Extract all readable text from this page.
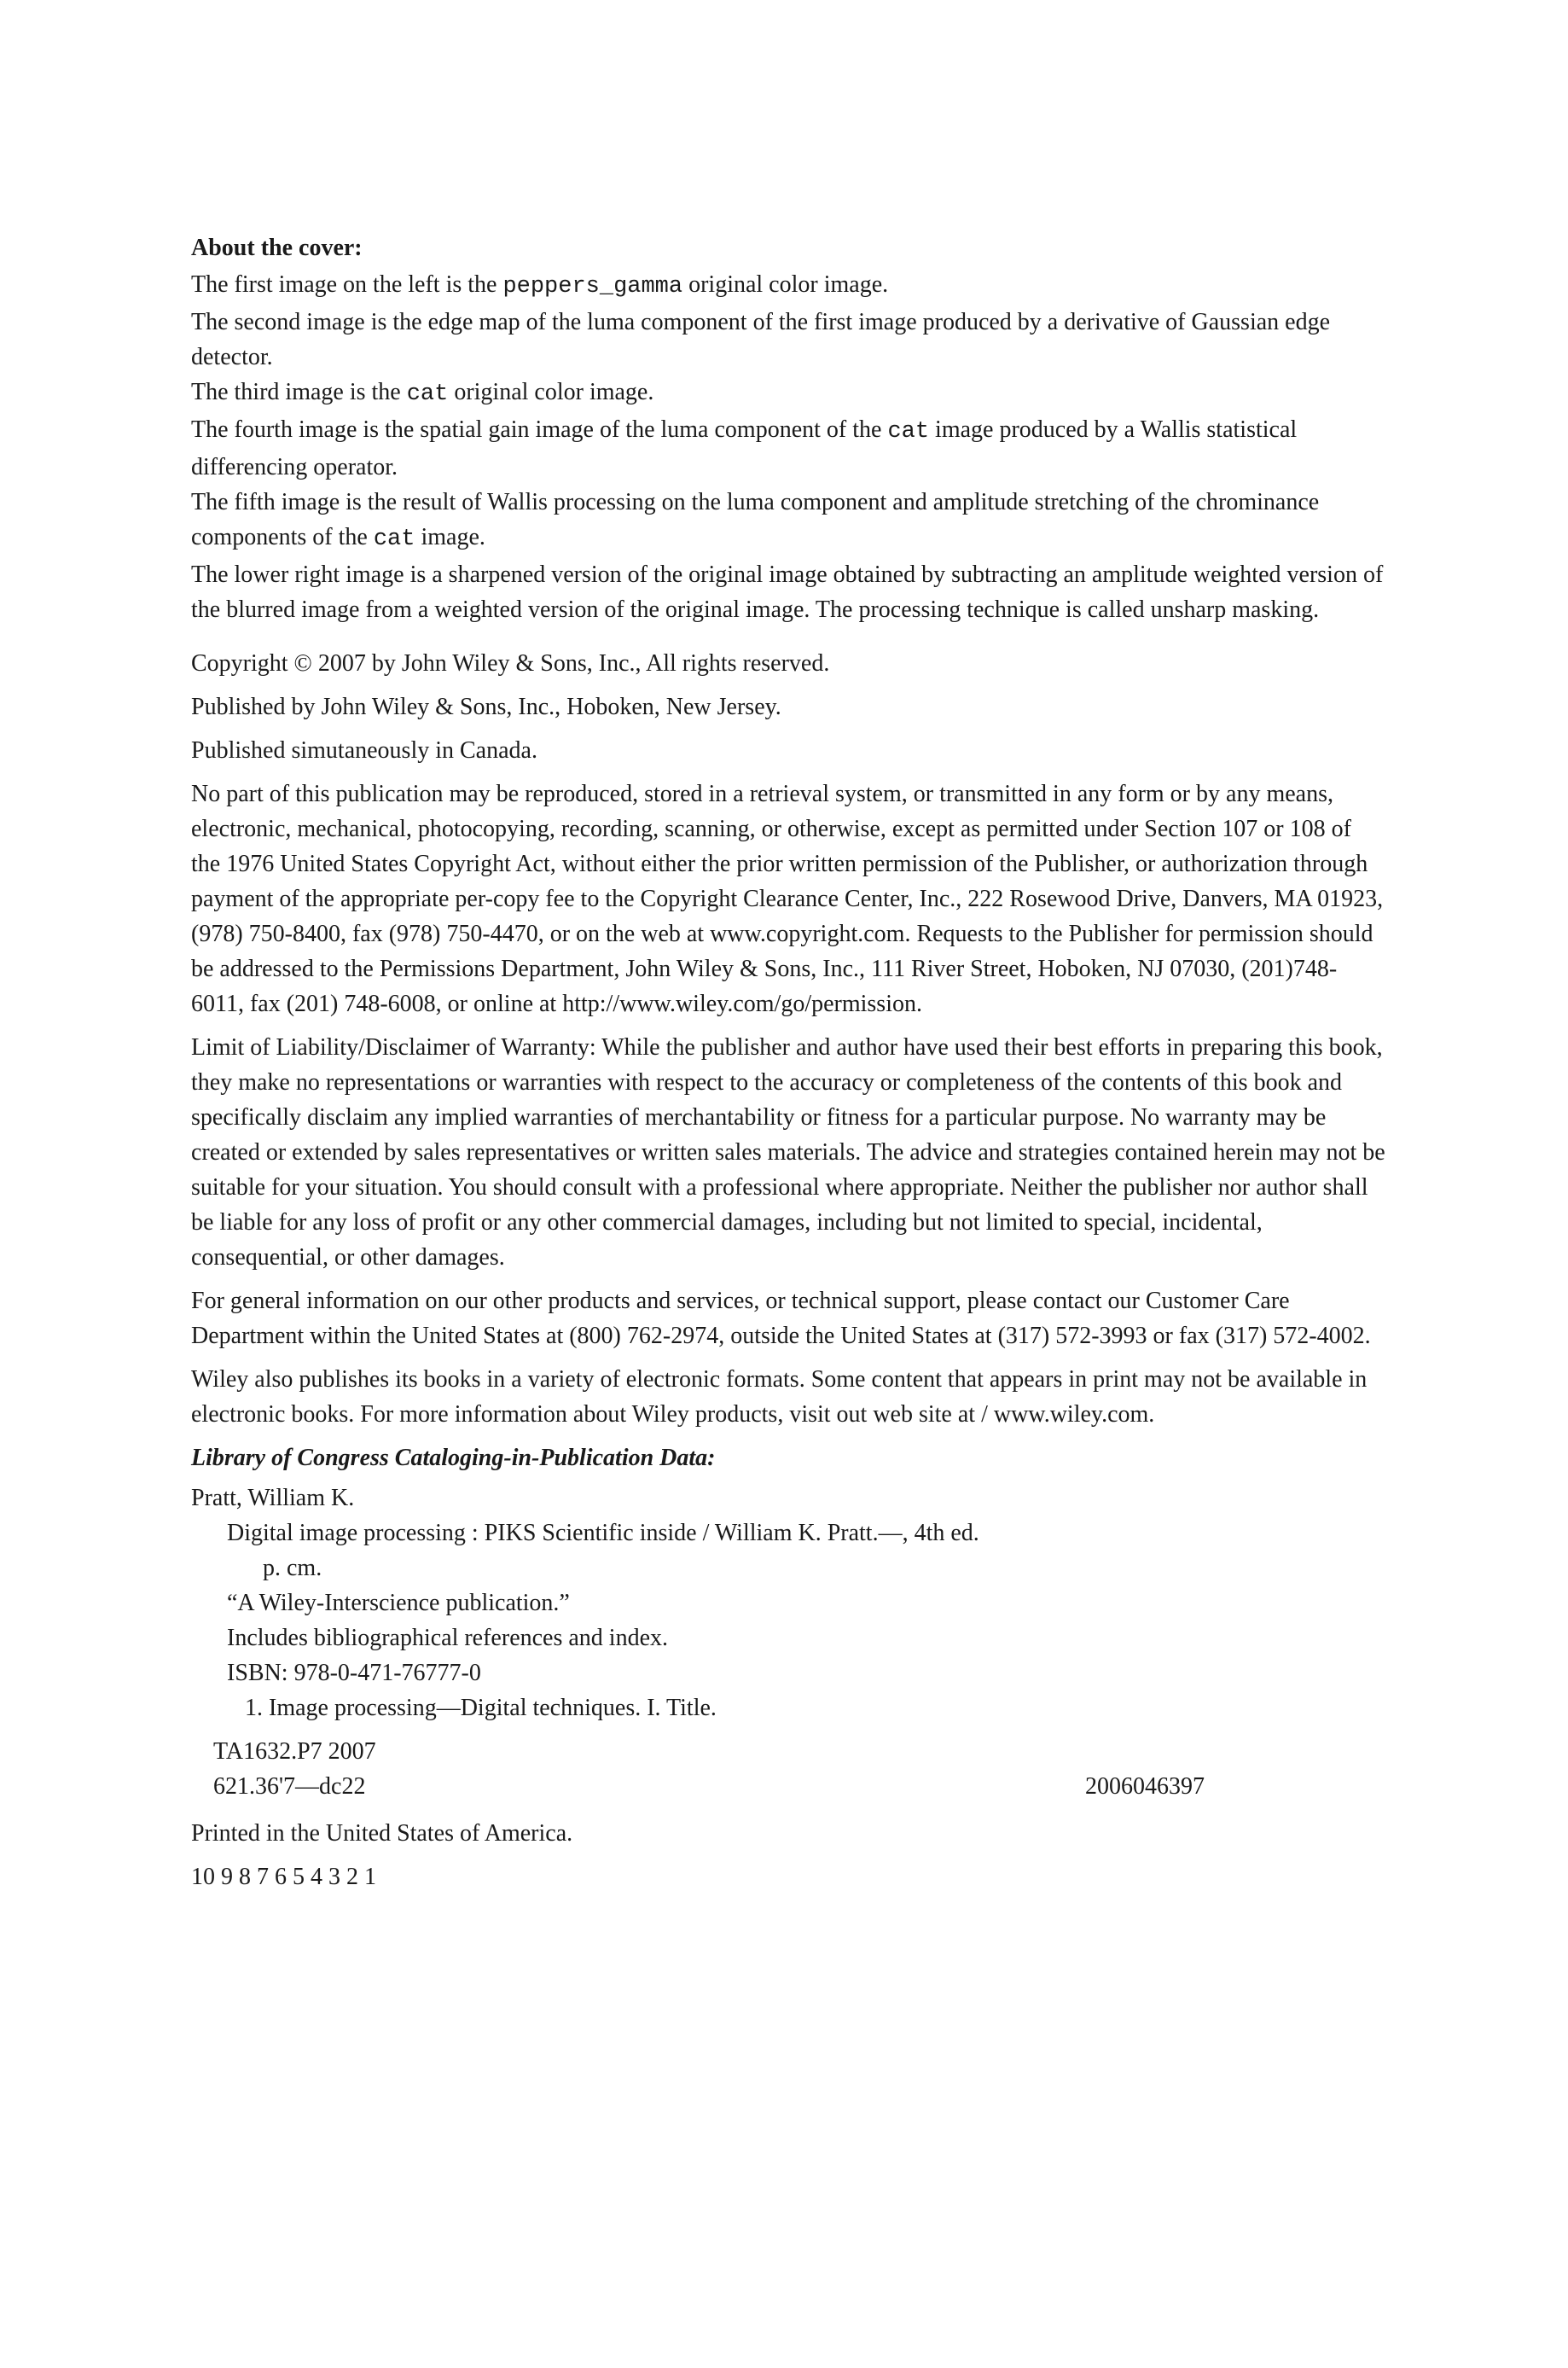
About the cover:

The first image on the left is the peppers_gamma original color image.

The second image is the edge map of the luma component of the first image produced by a derivative of Gaussian edge detector.

The third image is the cat original color image.

The fourth image is the spatial gain image of the luma component of the cat image produced by a Wallis statistical differencing operator.

The fifth image is the result of Wallis processing on the luma component and amplitude stretching of the chrominance components of the cat image.

The lower right image is a sharpened version of the original image obtained by subtracting an amplitude weighted version of the blurred image from a weighted version of the original image. The processing technique is called unsharp masking.

Copyright © 2007 by John Wiley & Sons, Inc., All rights reserved.

Published by John Wiley & Sons, Inc., Hoboken, New Jersey.

Published simutaneously in Canada.

No part of this publication may be reproduced, stored in a retrieval system, or transmitted in any form or by any means, electronic, mechanical, photocopying, recording, scanning, or otherwise, except as permitted under Section 107 or 108 of the 1976 United States Copyright Act, without either the prior written permission of the Publisher, or authorization through payment of the appropriate per-copy fee to the Copyright Clearance Center, Inc., 222 Rosewood Drive, Danvers, MA 01923, (978) 750-8400, fax (978) 750-4470, or on the web at www.copyright.com. Requests to the Publisher for permission should be addressed to the Permissions Department, John Wiley & Sons, Inc., 111 River Street, Hoboken, NJ 07030, (201)748-6011, fax (201) 748-6008, or online at http://www.wiley.com/go/permission.

Limit of Liability/Disclaimer of Warranty: While the publisher and author have used their best efforts in preparing this book, they make no representations or warranties with respect to the accuracy or completeness of the contents of this book and specifically disclaim any implied warranties of merchantability or fitness for a particular purpose. No warranty may be created or extended by sales representatives or written sales materials. The advice and strategies contained herein may not be suitable for your situation. You should consult with a professional where appropriate. Neither the publisher nor author shall be liable for any loss of profit or any other commercial damages, including but not limited to special, incidental, consequential, or other damages.

For general information on our other products and services, or technical support, please contact our Customer Care Department within the United States at (800) 762-2974, outside the United States at (317) 572-3993 or fax (317) 572-4002.

Wiley also publishes its books in a variety of electronic formats. Some content that appears in print may not be available in electronic books. For more information about Wiley products, visit out web site at / www.wiley.com.

Library of Congress Cataloging-in-Publication Data:

Pratt, William K.

Digital image processing : PIKS Scientific inside / William K. Pratt.—, 4th ed.

p. cm.

“A Wiley-Interscience publication.”

Includes bibliographical references and index.

ISBN: 978-0-471-76777-0

1. Image processing—Digital techniques. I. Title.

TA1632.P7 2007

621.36'7—dc22	2006046397

Printed in the United States of America.

10 9 8 7 6 5 4 3 2 1
